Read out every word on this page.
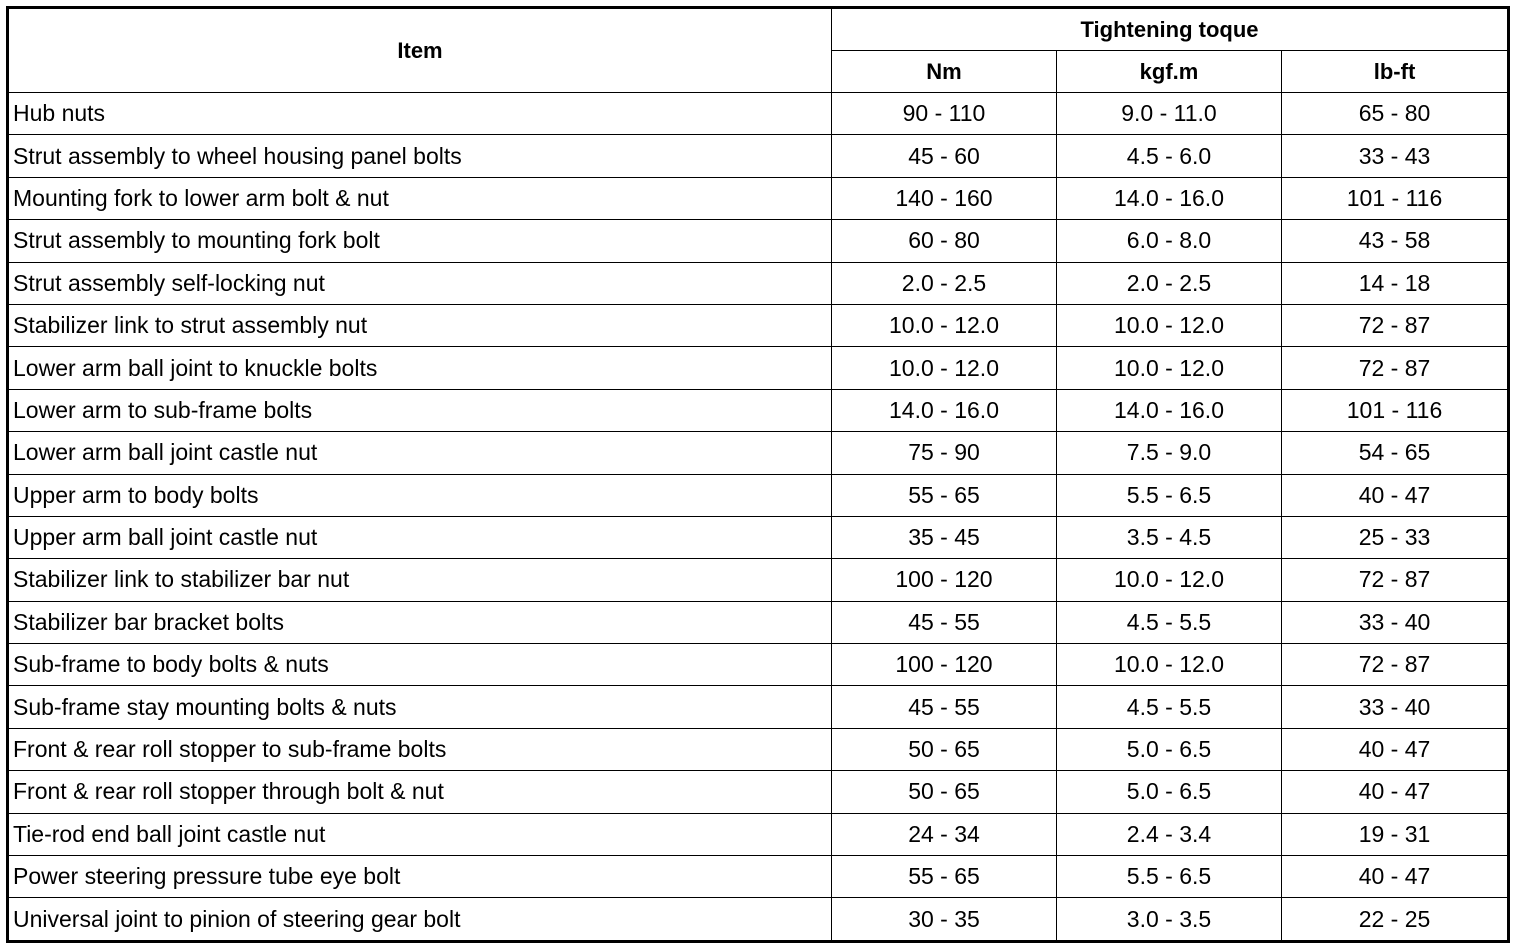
Item	Tightening toque		
	Nm	kgf.m	lb-ft
Hub nuts	90 - 110	9.0 - 11.0	65 - 80
Strut assembly to wheel housing panel bolts	45 - 60	4.5 - 6.0	33 - 43
Mounting fork to lower arm bolt & nut	140 - 160	14.0 - 16.0	101 - 116
Strut assembly to mounting fork bolt	60 - 80	6.0 - 8.0	43 - 58
Strut assembly self-locking nut	2.0 - 2.5	2.0 - 2.5	14 - 18
Stabilizer link to strut assembly nut	10.0 - 12.0	10.0 - 12.0	72 - 87
Lower arm ball joint to knuckle bolts	10.0 - 12.0	10.0 - 12.0	72 - 87
Lower arm to sub-frame bolts	14.0 - 16.0	14.0 - 16.0	101 - 116
Lower arm ball joint castle nut	75 - 90	7.5 - 9.0	54 - 65
Upper arm to body bolts	55 - 65	5.5 - 6.5	40 - 47
Upper arm ball joint castle nut	35 - 45	3.5 - 4.5	25 - 33
Stabilizer link to stabilizer bar nut	100 - 120	10.0 - 12.0	72 - 87
Stabilizer bar bracket bolts	45 - 55	4.5 - 5.5	33 - 40
Sub-frame to body bolts & nuts	100 - 120	10.0 - 12.0	72 - 87
Sub-frame stay mounting bolts & nuts	45 - 55	4.5 - 5.5	33 - 40
Front & rear roll stopper to sub-frame bolts	50 - 65	5.0 - 6.5	40 - 47
Front & rear roll stopper through bolt & nut	50 - 65	5.0 - 6.5	40 - 47
Tie-rod end ball joint castle nut	24 - 34	2.4 - 3.4	19 - 31
Power steering pressure tube eye bolt	55 - 65	5.5 - 6.5	40 - 47
Universal joint to pinion of steering gear bolt	30 - 35	3.0 - 3.5	22 - 25
